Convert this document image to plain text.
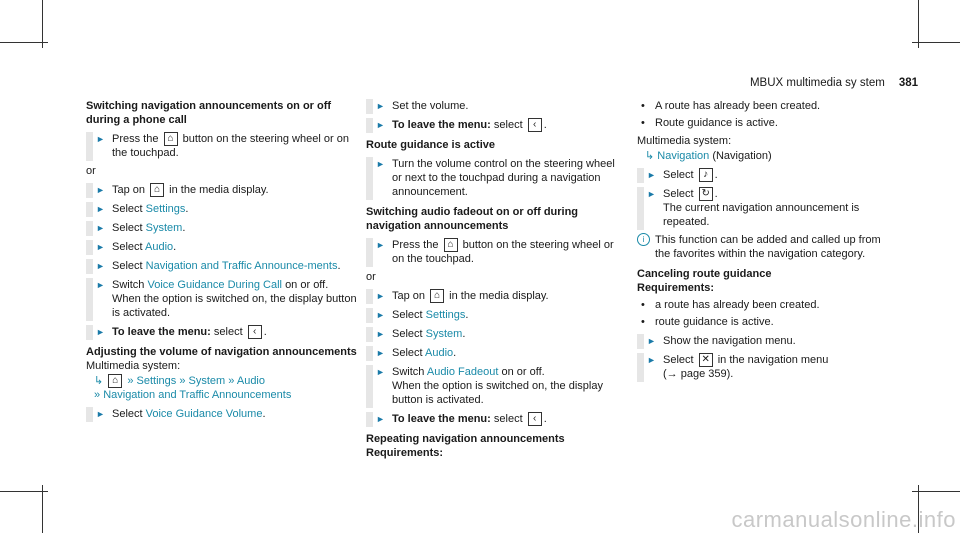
MBUX multimedia sy stem 381
Switching navigation announcements on or off during a phone call
► Press the ⌂ button on the steering wheel or on the touchpad.
or
► Tap on ⌂ in the media display.
► Select Settings.
► Select System.
► Select Audio.
► Select Navigation and Traffic Announce-ments.
► Switch Voice Guidance During Call on or off.
When the option is switched on, the display button is activated.
► To leave the menu: select ‹ .
Adjusting the volume of navigation announcements
Multimedia system:
↳ ⌂ » Settings » System » Audio
» Navigation and Traffic Announcements
► Select Voice Guidance Volume.
► Set the volume.
► To leave the menu: select ‹ .
Route guidance is active
► Turn the volume control on the steering wheel or next to the touchpad during a navigation announcement.
Switching audio fadeout on or off during navigation announcements
► Press the ⌂ button on the steering wheel or on the touchpad.
or
► Tap on ⌂ in the media display.
► Select Settings.
► Select System.
► Select Audio.
► Switch Audio Fadeout on or off.
When the option is switched on, the display button is activated.
► To leave the menu: select ‹ .
Repeating navigation announcements
Requirements:
• A route has already been created.
• Route guidance is active.
Multimedia system:
↳ Navigation (Navigation)
► Select ♪ .
► Select ↻ .
The current navigation announcement is repeated.
i This function can be added and called up from the favorites within the navigation category.
Canceling route guidance
Requirements:
• a route has already been created.
• route guidance is active.
► Show the navigation menu.
► Select ✕ in the navigation menu
(→ page 359).
carmanualsonline.info
